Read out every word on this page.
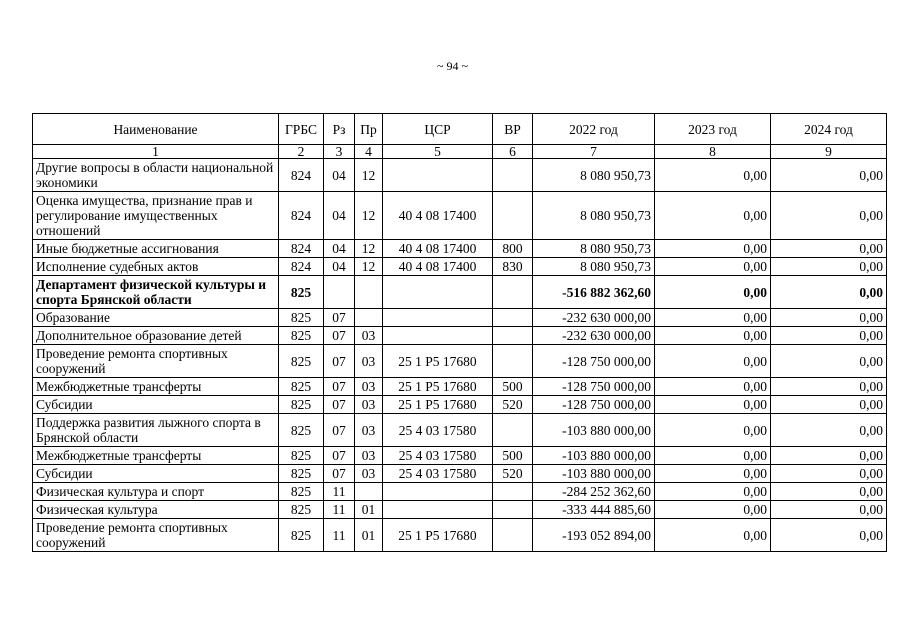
~ 94 ~
Наименование	ГРБС	Рз	Пр	ЦСР	ВР	2022 год	2023 год	2024 год
1	2	3	4	5	6	7	8	9
Другие вопросы в области национальной экономики	824	04	12			8 080 950,73	0,00	0,00
Оценка имущества, признание прав и регулирование имущественных отношений	824	04	12	40 4 08 17400		8 080 950,73	0,00	0,00
Иные бюджетные ассигнования	824	04	12	40 4 08 17400	800	8 080 950,73	0,00	0,00
Исполнение судебных актов	824	04	12	40 4 08 17400	830	8 080 950,73	0,00	0,00
Департамент физической культуры и спорта Брянской области	825					-516 882 362,60	0,00	0,00
Образование	825	07				-232 630 000,00	0,00	0,00
Дополнительное образование детей	825	07	03			-232 630 000,00	0,00	0,00
Проведение ремонта спортивных сооружений	825	07	03	25 1 P5 17680		-128 750 000,00	0,00	0,00
Межбюджетные трансферты	825	07	03	25 1 P5 17680	500	-128 750 000,00	0,00	0,00
Субсидии	825	07	03	25 1 P5 17680	520	-128 750 000,00	0,00	0,00
Поддержка развития лыжного спорта в Брянской области	825	07	03	25 4 03 17580		-103 880 000,00	0,00	0,00
Межбюджетные трансферты	825	07	03	25 4 03 17580	500	-103 880 000,00	0,00	0,00
Субсидии	825	07	03	25 4 03 17580	520	-103 880 000,00	0,00	0,00
Физическая культура и спорт	825	11				-284 252 362,60	0,00	0,00
Физическая культура	825	11	01			-333 444 885,60	0,00	0,00
Проведение ремонта спортивных сооружений	825	11	01	25 1 P5 17680		-193 052 894,00	0,00	0,00
